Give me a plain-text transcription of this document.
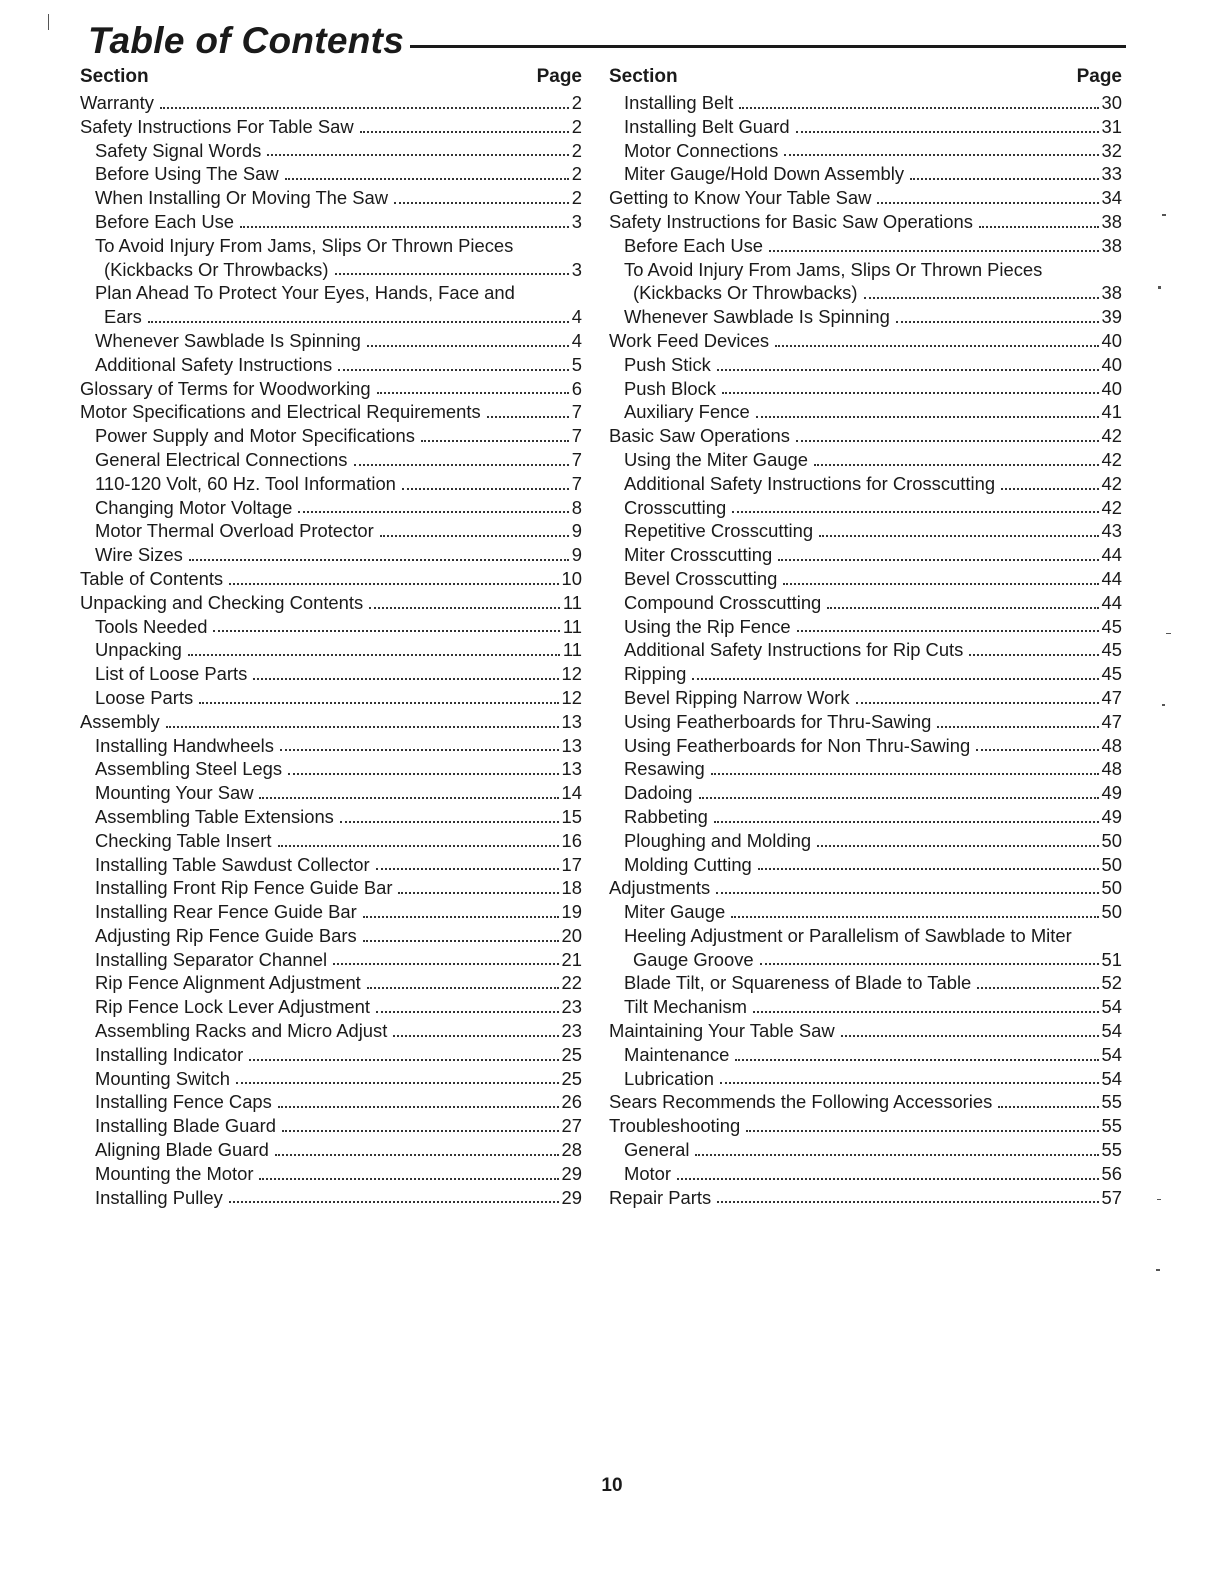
Table of Contents
Section	Page
Warranty	2
Safety Instructions For Table Saw	2
Safety Signal Words	2
Before Using The Saw	2
When Installing Or Moving The Saw	2
Before Each Use	3
To Avoid Injury From Jams, Slips Or Thrown Pieces
(Kickbacks Or Throwbacks)	3
Plan Ahead To Protect Your Eyes, Hands, Face and
Ears	4
Whenever Sawblade Is Spinning	4
Additional Safety Instructions	5
Glossary of Terms for Woodworking	6
Motor Specifications and Electrical Requirements	7
Power Supply and Motor Specifications	7
General Electrical Connections	7
110-120 Volt, 60 Hz. Tool Information	7
Changing Motor Voltage	8
Motor Thermal Overload Protector	9
Wire Sizes	9
Table of Contents	10
Unpacking and Checking Contents	11
Tools Needed	11
Unpacking	11
List of Loose Parts	12
Loose Parts	12
Assembly	13
Installing Handwheels	13
Assembling Steel Legs	13
Mounting Your Saw	14
Assembling Table Extensions	15
Checking Table Insert	16
Installing Table Sawdust Collector	17
Installing Front Rip Fence Guide Bar	18
Installing Rear Fence Guide Bar	19
Adjusting Rip Fence Guide Bars	20
Installing Separator Channel	21
Rip Fence Alignment Adjustment	22
Rip Fence Lock Lever Adjustment	23
Assembling Racks and Micro Adjust	23
Installing Indicator	25
Mounting Switch	25
Installing Fence Caps	26
Installing Blade Guard	27
Aligning Blade Guard	28
Mounting the Motor	29
Installing Pulley	29
Section	Page
Installing Belt	30
Installing Belt Guard	31
Motor Connections	32
Miter Gauge/Hold Down Assembly	33
Getting to Know Your Table Saw	34
Safety Instructions for Basic Saw Operations	38
Before Each Use	38
To Avoid Injury From Jams, Slips Or Thrown Pieces
(Kickbacks Or Throwbacks)	38
Whenever Sawblade Is Spinning	39
Work Feed Devices	40
Push Stick	40
Push Block	40
Auxiliary Fence	41
Basic Saw Operations	42
Using the Miter Gauge	42
Additional Safety Instructions for Crosscutting	42
Crosscutting	42
Repetitive Crosscutting	43
Miter Crosscutting	44
Bevel Crosscutting	44
Compound Crosscutting	44
Using the Rip Fence	45
Additional Safety Instructions for Rip Cuts	45
Ripping	45
Bevel Ripping Narrow Work	47
Using Featherboards for Thru-Sawing	47
Using Featherboards for Non Thru-Sawing	48
Resawing	48
Dadoing	49
Rabbeting	49
Ploughing and Molding	50
Molding Cutting	50
Adjustments	50
Miter Gauge	50
Heeling Adjustment or Parallelism of Sawblade to Miter
Gauge Groove	51
Blade Tilt, or Squareness of Blade to Table	52
Tilt Mechanism	54
Maintaining Your Table Saw	54
Maintenance	54
Lubrication	54
Sears Recommends the Following Accessories	55
Troubleshooting	55
General	55
Motor	56
Repair Parts	57
10
